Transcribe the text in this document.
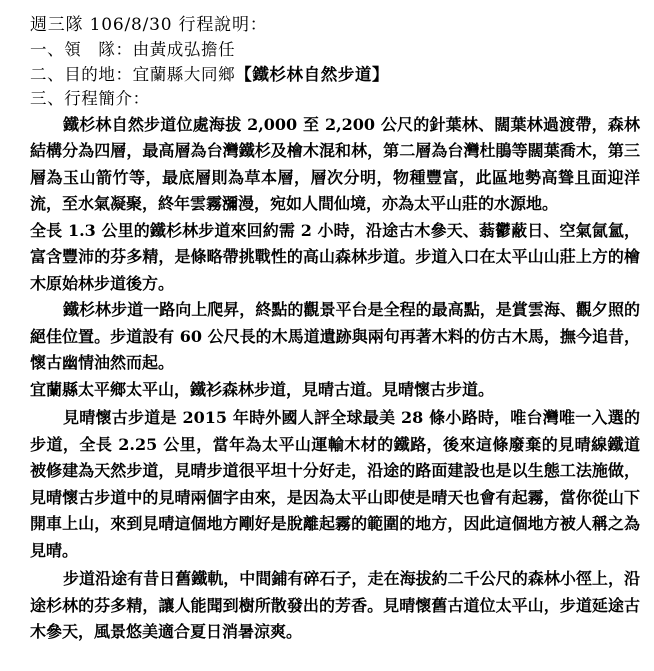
週三隊 106/8/30 行程說明：
一、領　隊：由黃成弘擔任
二、目的地：宜蘭縣大同鄉【鐵杉林自然步道】
三、行程簡介：

鐵杉林自然步道位處海拔 2,000 至 2,200 公尺的針葉林、闊葉林過渡帶，森林結構分為四層，最高層為台灣鐵杉及檜木混和林，第二層為台灣杜鵑等闊葉喬木，第三層為玉山箭竹等，最底層則為草本層，層次分明，物種豐富，此區地勢高聳且面迎洋流，至水氣凝聚，終年雲霧瀰漫，宛如人間仙境，亦為太平山莊的水源地。

全長 1.3 公里的鐵杉林步道來回約需 2 小時，沿途古木參天、蓊鬱蔽日、空氣氤氳，富含豐沛的芬多精，是條略帶挑戰性的高山森林步道。步道入口在太平山山莊上方的檜木原始林步道後方。

鐵杉林步道一路向上爬昇，終點的觀景平台是全程的最高點，是賞雲海、觀夕照的絕佳位置。步道設有 60 公尺長的木馬道遺跡與兩句再著木料的仿古木馬，撫今追昔，懷古幽情油然而起。

宜蘭縣太平鄉太平山，鐵衫森林步道，見晴古道。見晴懷古步道。

見晴懷古步道是 2015 年時外國人評全球最美 28 條小路時，唯台灣唯一入選的步道，全長 2.25 公里，當年為太平山運輸木材的鐵路，後來這條廢棄的見晴線鐵道被修建為天然步道，見晴步道很平坦十分好走，沿途的路面建設也是以生態工法施做，見晴懷古步道中的見晴兩個字由來，是因為太平山即使是晴天也會有起霧，當你從山下開車上山，來到見晴這個地方剛好是脫離起霧的範圍的地方，因此這個地方被人稱之為見晴。

步道沿途有昔日舊鐵軌，中間鋪有碎石子，走在海拔約二千公尺的森林小徑上，沿途杉林的芬多精，讓人能聞到樹所散發出的芳香。見晴懷舊古道位太平山，步道延途古木參天，風景悠美適合夏日消暑涼爽。
